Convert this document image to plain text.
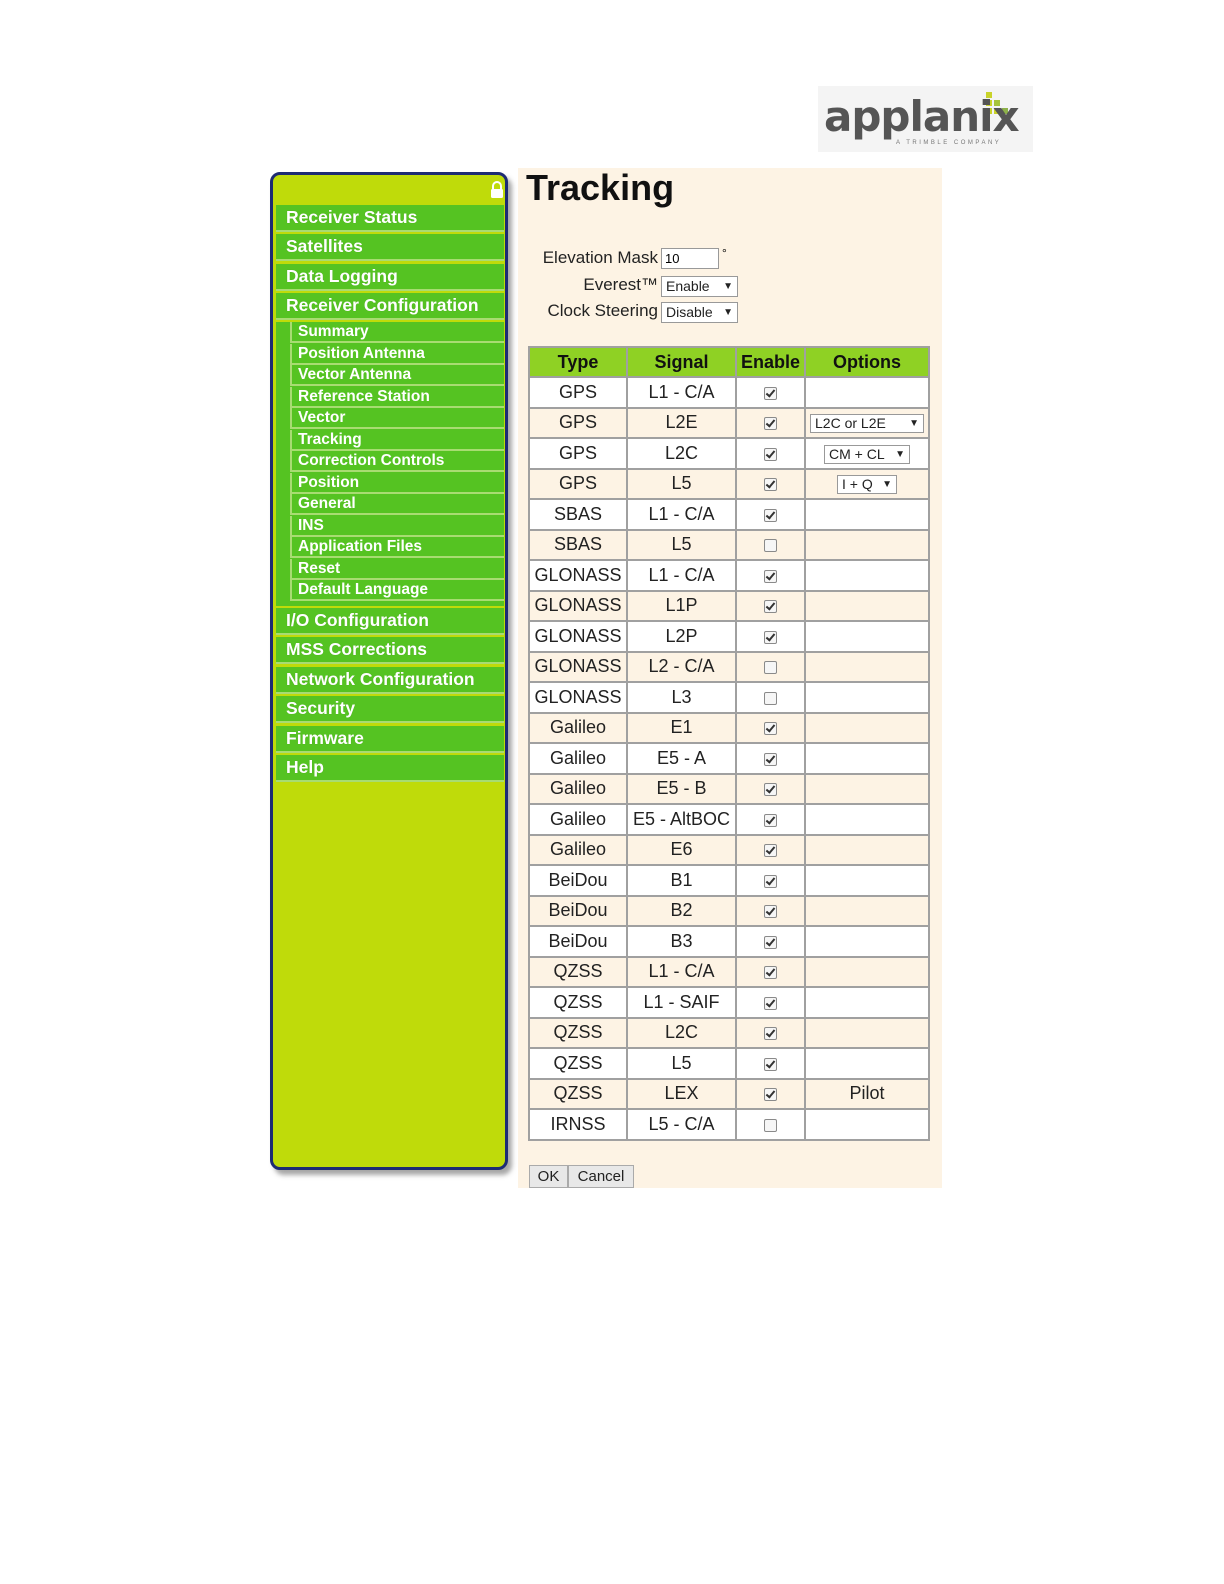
applanix
A TRIMBLE COMPANY
Receiver Status
Satellites
Data Logging
Receiver Configuration
Summary
Position Antenna
Vector Antenna
Reference Station
Vector
Tracking
Correction Controls
Position
General
INS
Application Files
Reset
Default Language
I/O Configuration
MSS Corrections
Network Configuration
Security
Firmware
Help
Tracking
Elevation Mask
10	°
Everest™ Enable ▼
Clock Steering Disable ▼
Type	Signal	Enable	Options
GPS	L1 - C/A		
GPS	L2E		L2C or L2E ▼

GPS	L2C		CM + CL ▼

GPS	L5		I + Q ▼

SBAS	L1 - C/A		
SBAS	L5		
GLONASS	L1 - C/A		
GLONASS	L1P		
GLONASS	L2P		
GLONASS	L2 - C/A		
GLONASS	L3		
Galileo	E1		
Galileo	E5 - A		
Galileo	E5 - B		
Galileo	E5 - AltBOC		
Galileo	E6		
BeiDou	B1		
BeiDou	B2		
BeiDou	B3		
QZSS	L1 - C/A		
QZSS	L1 - SAIF		
QZSS	L2C		
QZSS	L5		
QZSS	LEX		Pilot
IRNSS	L5 - C/A		
OK	Cancel
